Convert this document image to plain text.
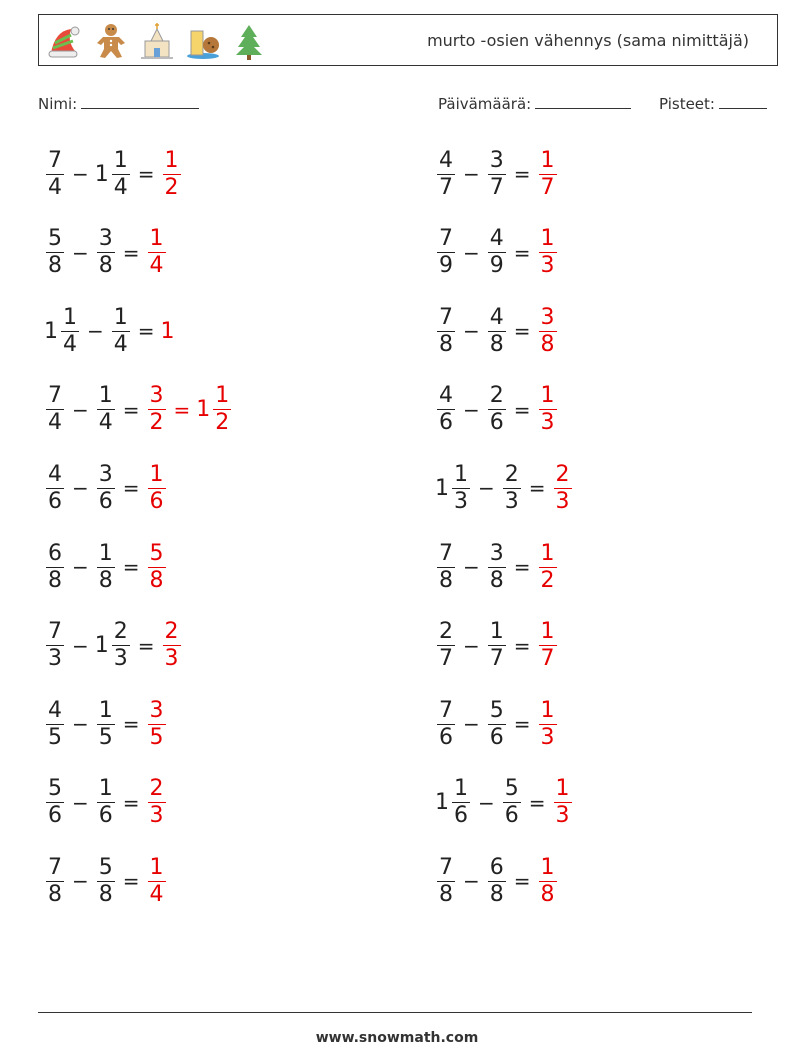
murto -osien vähennys (sama nimittäjä)
Nimi:	Päivämäärä:	Pisteet:
$\frac{7}{4} - 1 \frac{1}{4} = \frac{1}{2}$
$\frac{5}{8} - \frac{3}{8} = \frac{1}{4}$
$1 \frac{1}{4} - \frac{1}{4} = 1$
$\frac{7}{4} - \frac{1}{4} = \frac{3}{2} = 1 \frac{1}{2}$
$\frac{4}{6} - \frac{3}{6} = \frac{1}{6}$
$\frac{6}{8} - \frac{1}{8} = \frac{5}{8}$
$\frac{7}{3} - 1 \frac{2}{3} = \frac{2}{3}$
$\frac{4}{5} - \frac{1}{5} = \frac{3}{5}$
$\frac{5}{6} - \frac{1}{6} = \frac{2}{3}$
$\frac{7}{8} - \frac{5}{8} = \frac{1}{4}$
$\frac{4}{7} - \frac{3}{7} = \frac{1}{7}$
$\frac{7}{9} - \frac{4}{9} = \frac{1}{3}$
$\frac{7}{8} - \frac{4}{8} = \frac{3}{8}$
$\frac{4}{6} - \frac{2}{6} = \frac{1}{3}$
$1 \frac{1}{3} - \frac{2}{3} = \frac{2}{3}$
$\frac{7}{8} - \frac{3}{8} = \frac{1}{2}$
$\frac{2}{7} - \frac{1}{7} = \frac{1}{7}$
$\frac{7}{6} - \frac{5}{6} = \frac{1}{3}$
$1 \frac{1}{6} - \frac{5}{6} = \frac{1}{3}$
$\frac{7}{8} - \frac{6}{8} = \frac{1}{8}$
www.snowmath.com
